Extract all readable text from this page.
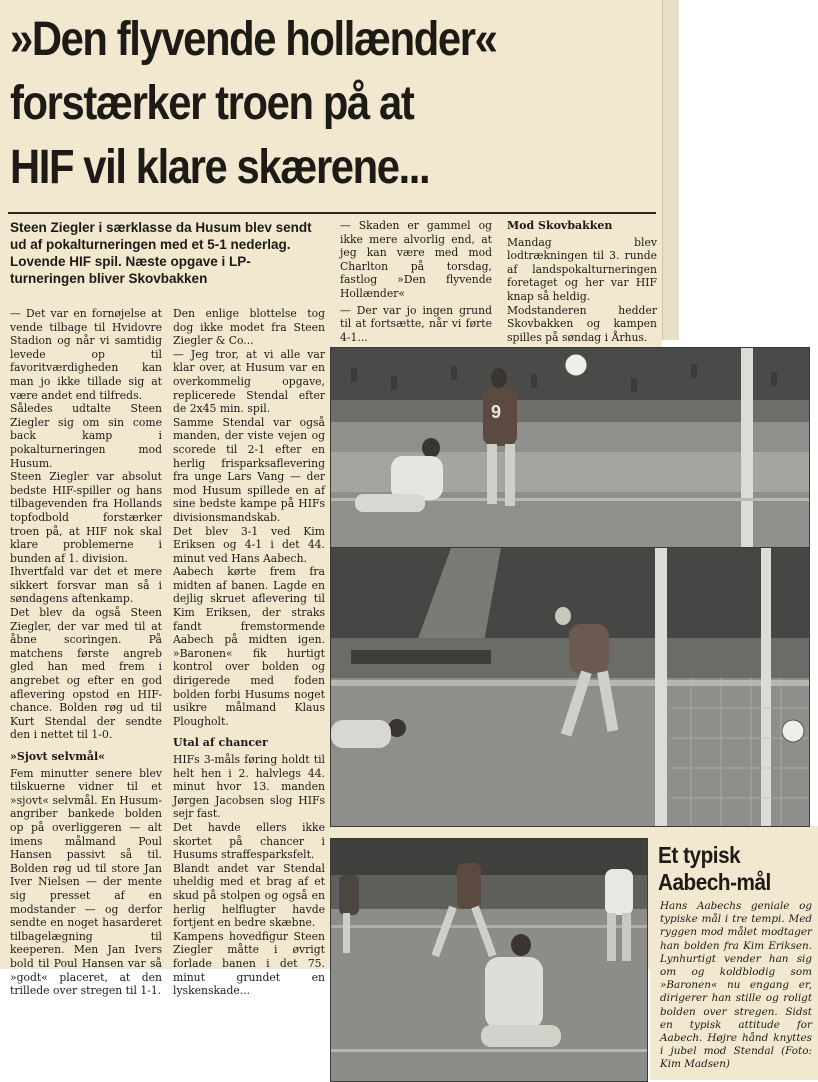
»Den flyvende hollænder«
forstærker troen på at
HIF vil klare skærene...

Steen Ziegler i særklasse da Husum blev sendt ud af pokalturneringen med et 5-1 nederlag. Lovende HIF spil. Næste opgave i LP-turneringen bliver Skovbakken

— Det var en fornøjelse at vende tilbage til Hvidovre Stadion og når vi samtidig levede op til favoritværdigheden kan man jo ikke tillade sig at være andet end tilfreds.

Således udtalte Steen Ziegler sig om sin come back kamp i pokalturneringen mod Husum.

Steen Ziegler var absolut bedste HIF-spiller og hans tilbagevenden fra Hollands topfodbold forstærker troen på, at HIF nok skal klare problemerne i bunden af 1. division.

Ihvertfald var det et mere sikkert forsvar man så i søndagens aftenkamp.

Det blev da også Steen Ziegler, der var med til at åbne scoringen. På matchens første angreb gled han med frem i angrebet og efter en god aflevering opstod en HIF-chance. Bolden røg ud til Kurt Stendal der sendte den i nettet til 1-0.

»Sjovt selvmål«

Fem minutter senere blev tilskuerne vidner til et »sjovt« selvmål. En Husum-angriber bankede bolden op på overliggeren — alt imens målmand Poul Hansen passivt så til. Bolden røg ud til store Jan Iver Nielsen — der mente sig presset af en modstander — og derfor sendte en noget hasarderet tilbagelægning til keeperen. Men Jan Ivers bold til Poul Hansen var så »godt« placeret, at den trillede over stregen til 1-1.

Den enlige blottelse tog dog ikke modet fra Steen Ziegler & Co...

— Jeg tror, at vi alle var klar over, at Husum var en overkommelig opgave, replicerede Stendal efter de 2x45 min. spil.

Samme Stendal var også manden, der viste vejen og scorede til 2-1 efter en herlig frisparksaflevering fra unge Lars Vang — der mod Husum spillede en af sine bedste kampe på HIFs divisionsmandskab.

Det blev 3-1 ved Kim Eriksen og 4-1 i det 44. minut ved Hans Aabech.

Aabech kørte frem fra midten af banen. Lagde en dejlig skruet aflevering til Kim Eriksen, der straks fandt fremstormende Aabech på midten igen. »Baronen« fik hurtigt kontrol over bolden og dirigerede med foden bolden forbi Husums noget usikre målmand Klaus Plougholt.

Utal af chancer

HIFs 3-måls føring holdt til helt hen i 2. halvlegs 44. minut hvor 13. manden Jørgen Jacobsen slog HIFs sejr fast.

Det havde ellers ikke skortet på chancer i Husums straffesparksfelt.

Blandt andet var Stendal uheldig med et brag af et skud på stolpen og også en herlig helflugter havde fortjent en bedre skæbne.

Kampens hovedfigur Steen Ziegler måtte i øvrigt forlade banen i det 75. minut grundet en lyskenskade...

— Skaden er gammel og ikke mere alvorlig end, at jeg kan være med mod Charlton på torsdag, fastlog »Den flyvende Hollænder«

— Der var jo ingen grund til at fortsætte, når vi førte 4-1...

Mod Skovbakken

Mandag blev lodtrækningen til 3. runde af landspokalturneringen foretaget og her var HIF knap så heldig.

Modstanderen hedder Skovbakken og kampen spilles på søndag i Århus.

9
Et typisk
Aabech-mål

Hans Aabechs geniale og typiske mål i tre tempi. Med ryggen mod målet modtager han bolden fra Kim Eriksen. Lynhurtigt vender han sig om og koldblodig som »Baronen« nu engang er, dirigerer han stille og roligt bolden over stregen. Sidst en typisk attitude for Aabech. Højre hånd knyttes i jubel mod Stendal (Foto: Kim Madsen)
